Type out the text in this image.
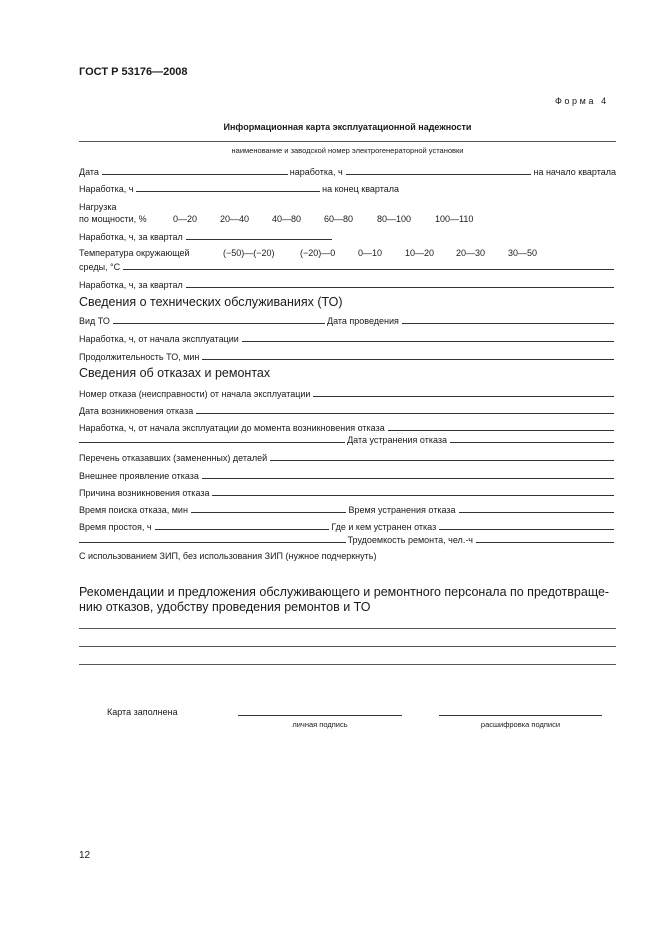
ГОСТ Р 53176—2008
Форма 4
Информационная карта эксплуатационной надежности
наименование и заводской номер электрогенераторной установки
Дата	наработка, ч	на начало квартала
Наработка, ч	на конец квартала
Нагрузка
по мощности, %	0—20	20—40	40—80	60—80	80—100	100—110
Наработка, ч, за квартал
Температура окружающей	(−50)—(−20)	(−20)—0	0—10	10—20	20—30	30—50
среды, °С
Наработка, ч, за квартал
Сведения о технических обслуживаниях (ТО)
Вид ТО	Дата проведения
Наработка, ч, от начала эксплуатации
Продолжительность ТО, мин
Сведения об отказах и ремонтах
Номер отказа (неисправности) от начала эксплуатации
Дата возникновения отказа
Наработка, ч, от начала эксплуатации до момента возникновения отказа
Дата устранения отказа
Перечень отказавших (замененных) деталей
Внешнее проявление отказа
Причина возникновения отказа
Время поиска отказа, мин	Время устранения отказа
Время простоя, ч	Где и кем устранен отказ
Трудоемкость ремонта, чел.-ч
С использованием ЗИП, без использования ЗИП (нужное подчеркнуть)
Рекомендации и предложения обслуживающего и ремонтного персонала по предотвраще-
нию отказов, удобству проведения ремонтов и ТО
Карта заполнена
личная подпись	расшифровка подписи
12
